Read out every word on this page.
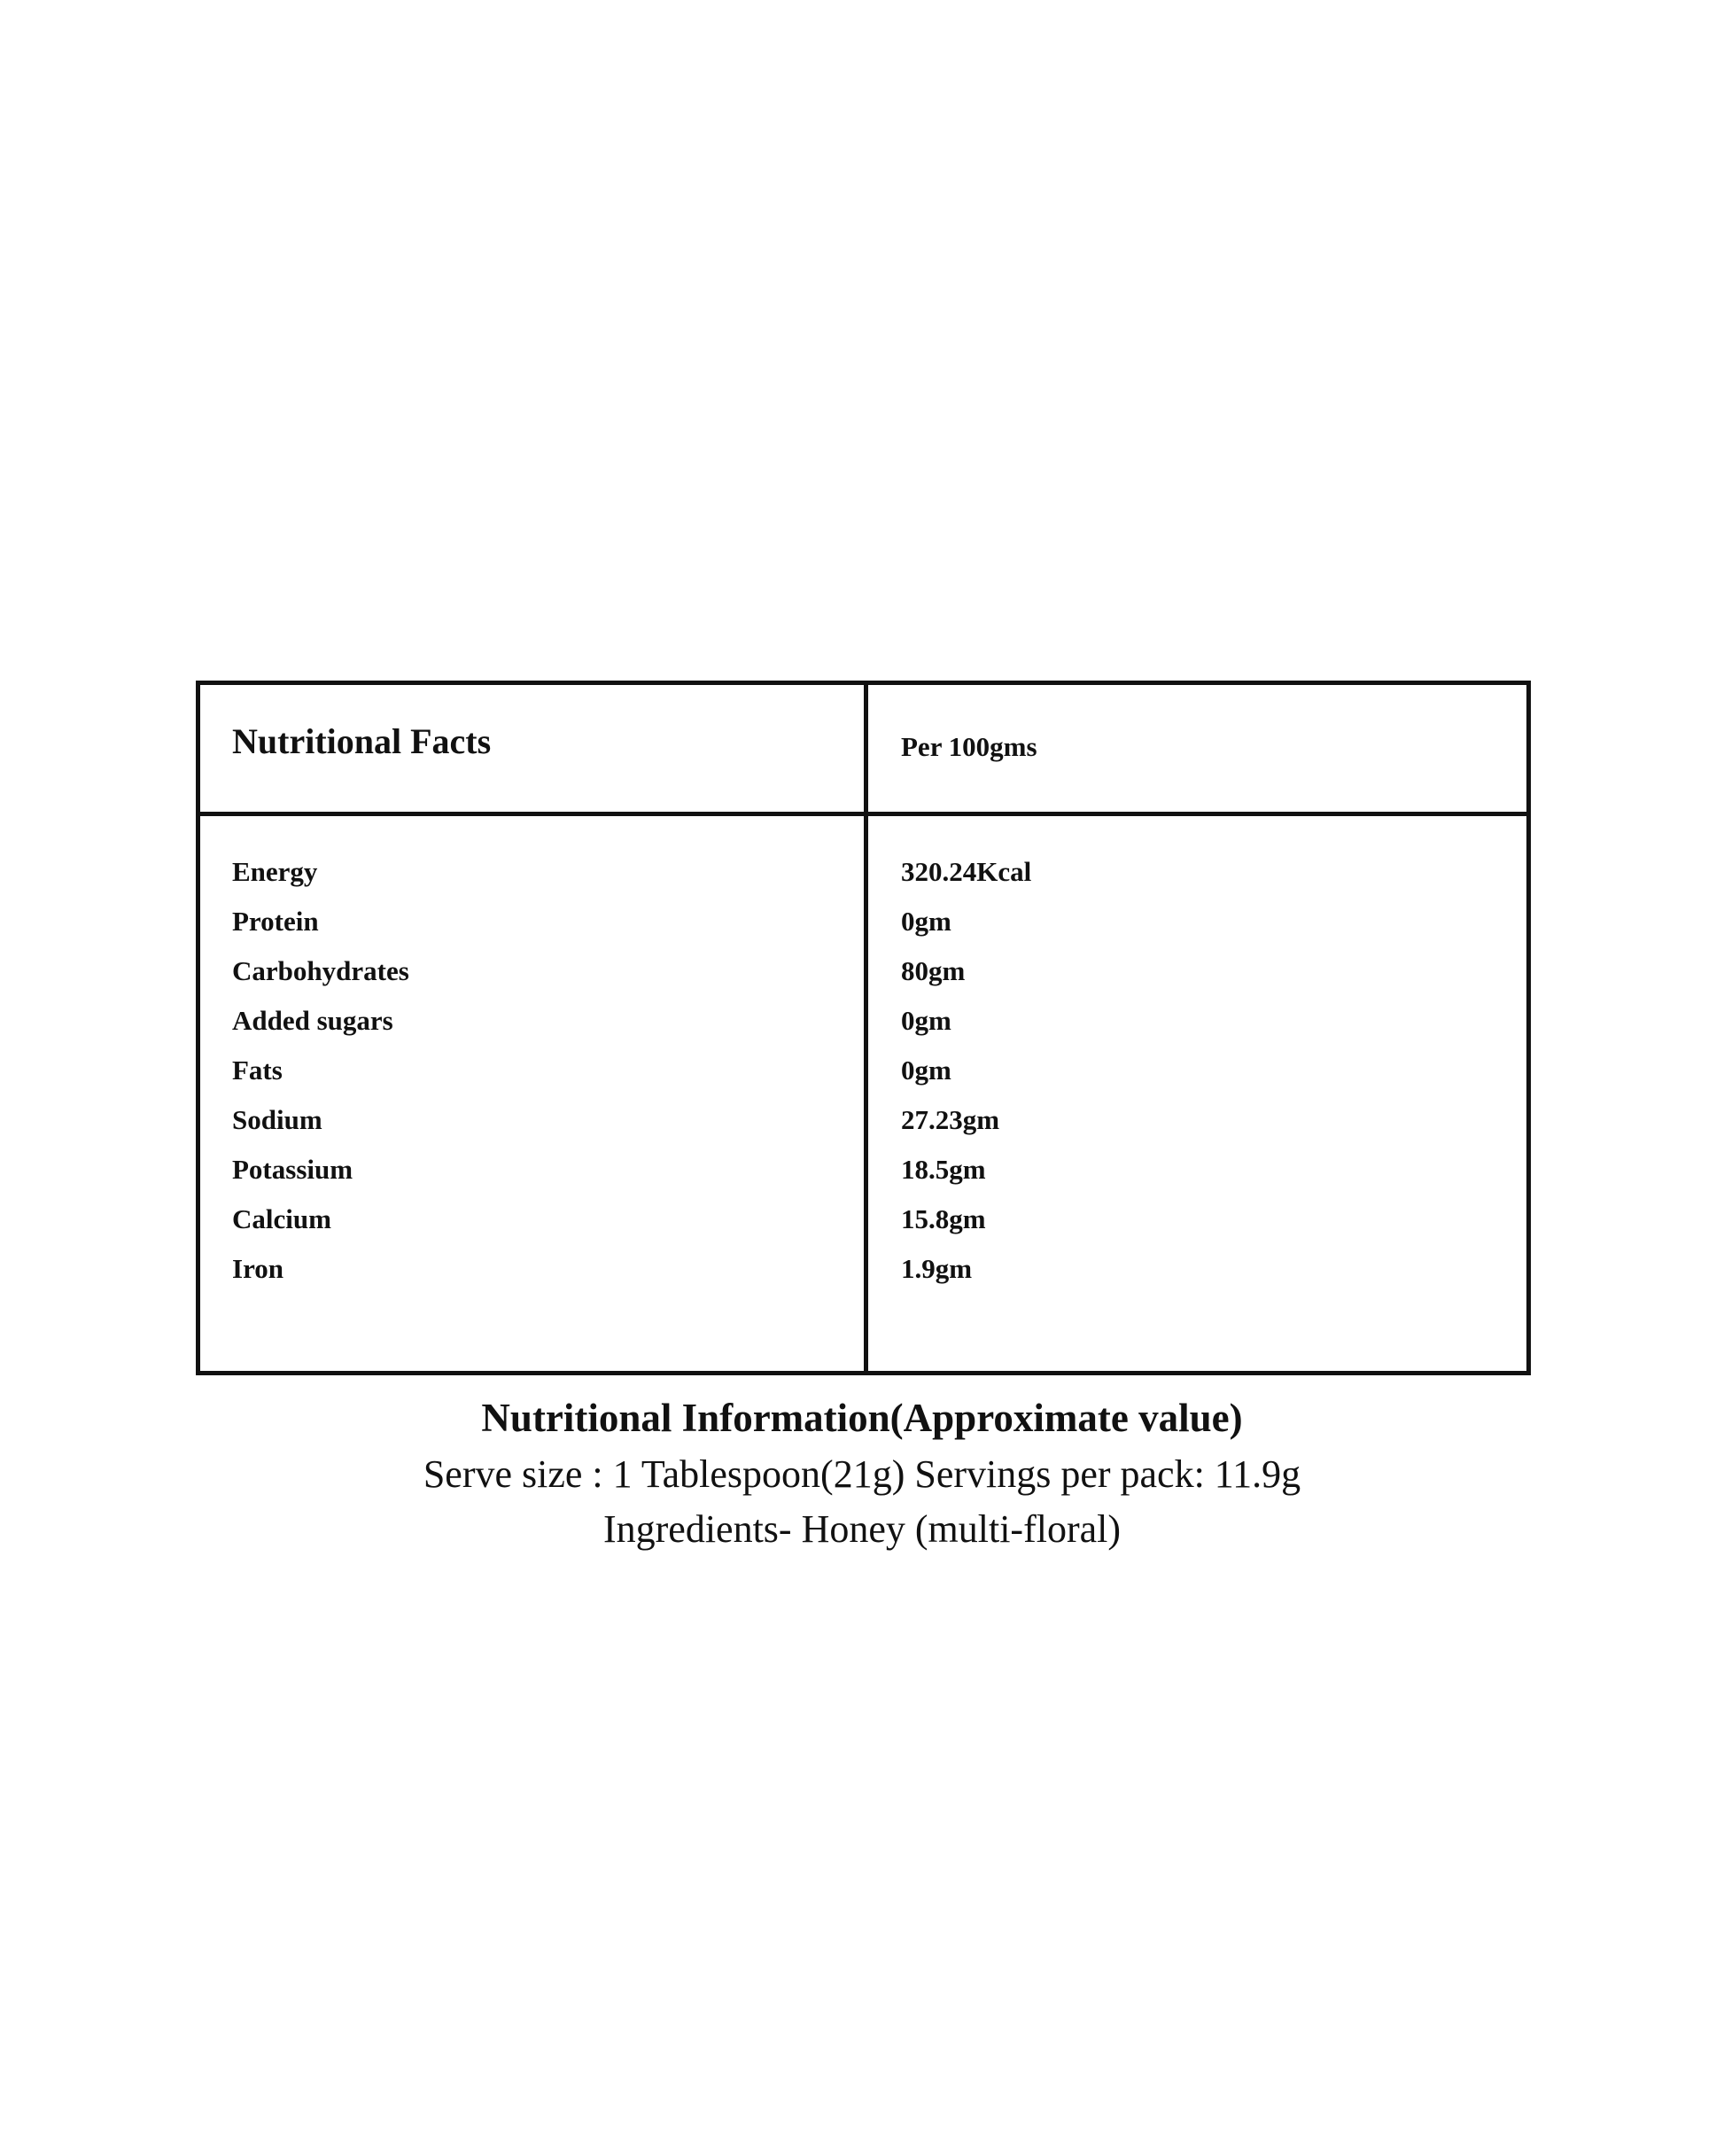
Nutritional Facts	Per 100gms
Energy	320.24Kcal
Protein	0gm
Carbohydrates	80gm
Added sugars	0gm
Fats	0gm
Sodium	27.23gm
Potassium	18.5gm
Calcium	15.8gm
Iron	1.9gm
Nutritional Information(Approximate value)
Serve size : 1 Tablespoon(21g) Servings per pack: 11.9g
Ingredients- Honey (multi-floral)
